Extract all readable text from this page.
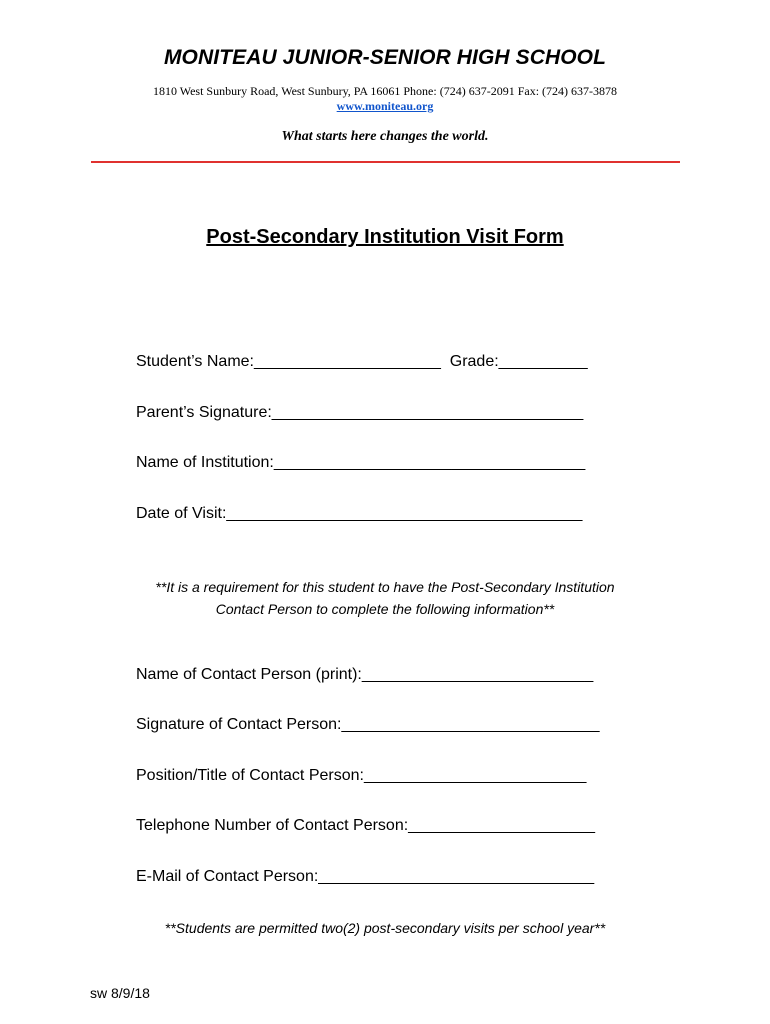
MONITEAU JUNIOR-SENIOR HIGH SCHOOL
1810 West Sunbury Road, West Sunbury, PA 16061 Phone: (724) 637-2091 Fax: (724) 637-3878
www.moniteau.org
What starts here changes the world.
Post-Secondary Institution Visit Form
Student’s Name:_____________________  Grade:__________
Parent’s Signature:___________________________________
Name of Institution:___________________________________
Date of Visit:________________________________________
**It is a requirement for this student to have the Post-Secondary Institution
Contact Person to complete the following information**
Name of Contact Person (print):__________________________
Signature of Contact Person:_____________________________
Position/Title of Contact Person:_________________________
Telephone Number of Contact Person:_____________________
E-Mail of Contact Person:_______________________________
**Students are permitted two(2) post-secondary visits per school year**
sw 8/9/18
